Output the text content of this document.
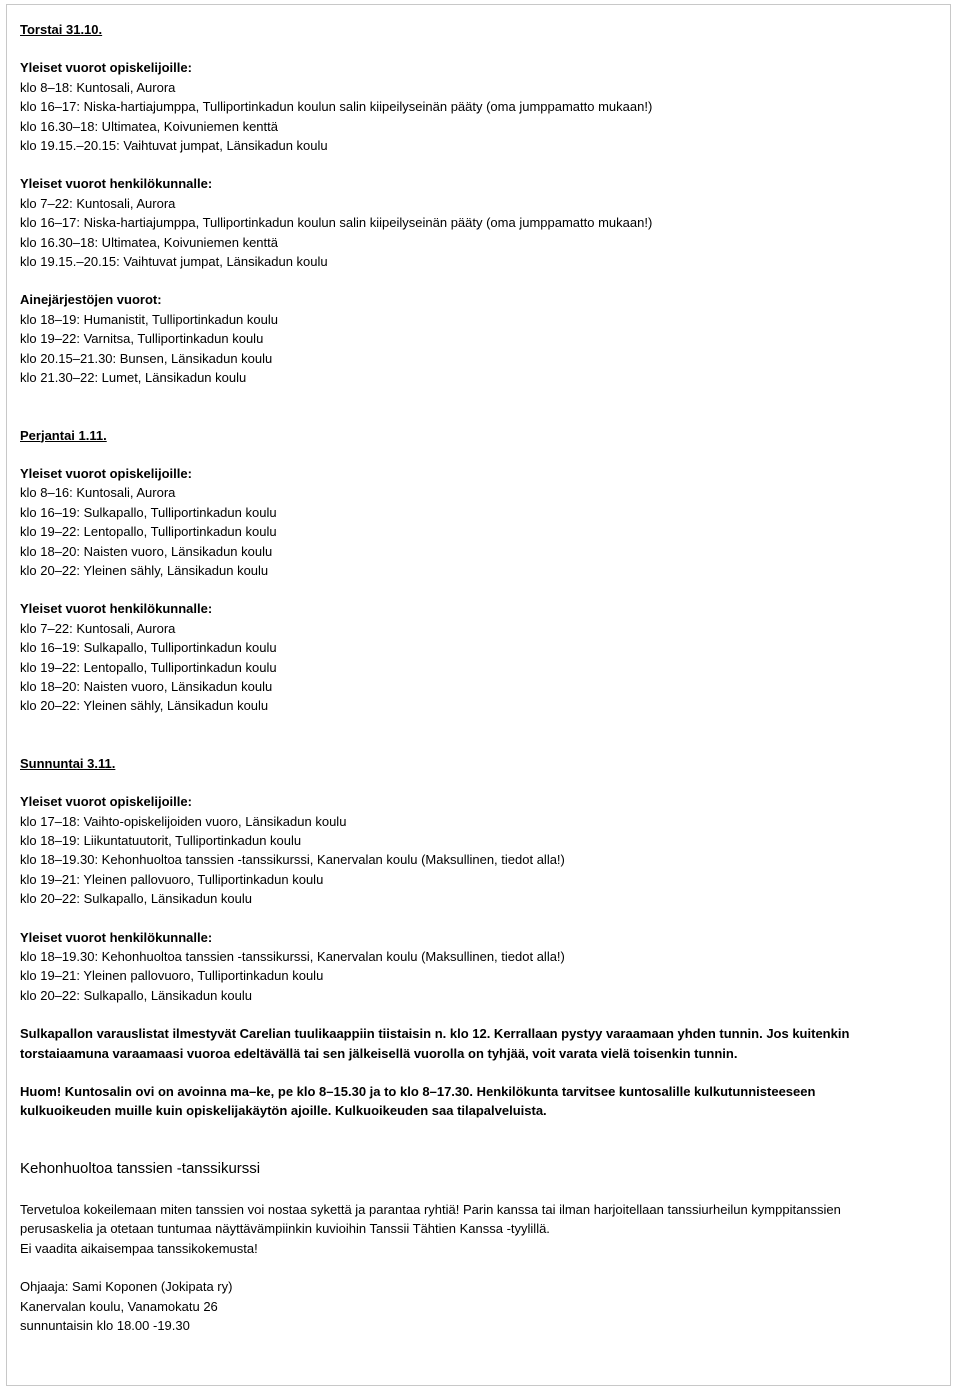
Torstai 31.10.

Yleiset vuorot opiskelijoille:

klo 8–18: Kuntosali, Aurora

klo 16–17: Niska-hartiajumppa, Tulliportinkadun koulun salin kiipeilyseinän pääty (oma jumppamatto mukaan!)

klo 16.30–18: Ultimatea, Koivuniemen kenttä

klo 19.15.–20.15: Vaihtuvat jumpat, Länsikadun koulu

Yleiset vuorot henkilökunnalle:

klo 7–22: Kuntosali, Aurora

klo 16–17: Niska-hartiajumppa, Tulliportinkadun koulun salin kiipeilyseinän pääty (oma jumppamatto mukaan!)

klo 16.30–18: Ultimatea, Koivuniemen kenttä

klo 19.15.–20.15: Vaihtuvat jumpat, Länsikadun koulu

Ainejärjestöjen vuorot:

klo 18–19: Humanistit, Tulliportinkadun koulu

klo 19–22: Varnitsa, Tulliportinkadun koulu

klo 20.15–21.30: Bunsen, Länsikadun koulu

klo 21.30–22: Lumet, Länsikadun koulu

Perjantai 1.11.

Yleiset vuorot opiskelijoille:

klo 8–16: Kuntosali, Aurora

klo 16–19: Sulkapallo, Tulliportinkadun koulu

klo 19–22: Lentopallo, Tulliportinkadun koulu

klo 18–20: Naisten vuoro, Länsikadun koulu

klo 20–22: Yleinen sähly, Länsikadun koulu

Yleiset vuorot henkilökunnalle:

klo 7–22: Kuntosali, Aurora

klo 16–19: Sulkapallo, Tulliportinkadun koulu

klo 19–22: Lentopallo, Tulliportinkadun koulu

klo 18–20: Naisten vuoro, Länsikadun koulu

klo 20–22: Yleinen sähly, Länsikadun koulu

Sunnuntai 3.11.

Yleiset vuorot opiskelijoille:

klo 17–18: Vaihto-opiskelijoiden vuoro, Länsikadun koulu

klo 18–19: Liikuntatuutorit, Tulliportinkadun koulu

klo 18–19.30: Kehonhuoltoa tanssien -tanssikurssi, Kanervalan koulu (Maksullinen, tiedot alla!)

klo 19–21: Yleinen pallovuoro, Tulliportinkadun koulu

klo 20–22: Sulkapallo, Länsikadun koulu

Yleiset vuorot henkilökunnalle:

klo 18–19.30: Kehonhuoltoa tanssien -tanssikurssi, Kanervalan koulu (Maksullinen, tiedot alla!)

klo 19–21: Yleinen pallovuoro, Tulliportinkadun koulu

klo 20–22: Sulkapallo, Länsikadun koulu

Sulkapallon varauslistat ilmestyvät Carelian tuulikaappiin tiistaisin n. klo 12. Kerrallaan pystyy varaamaan yhden tunnin. Jos kuitenkin

torstaiaamuna varaamaasi vuoroa edeltävällä tai sen jälkeisellä vuorolla on tyhjää, voit varata vielä toisenkin tunnin.

Huom! Kuntosalin ovi on avoinna ma–ke, pe klo 8–15.30 ja to klo 8–17.30. Henkilökunta tarvitsee kuntosalille kulkutunnisteeseen

kulkuoikeuden muille kuin opiskelijakäytön ajoille. Kulkuoikeuden saa tilapalveluista.

Kehonhuoltoa tanssien -tanssikurssi

Tervetuloa kokeilemaan miten tanssien voi nostaa sykettä ja parantaa ryhtiä! Parin kanssa tai ilman harjoitellaan tanssiurheilun kymppitanssien

perusaskelia ja otetaan tuntumaa näyttävämpiinkin kuvioihin Tanssii Tähtien Kanssa -tyylillä.

Ei vaadita aikaisempaa tanssikokemusta!

Ohjaaja: Sami Koponen (Jokipata ry)

Kanervalan koulu, Vanamokatu 26

sunnuntaisin klo 18.00 -19.30
